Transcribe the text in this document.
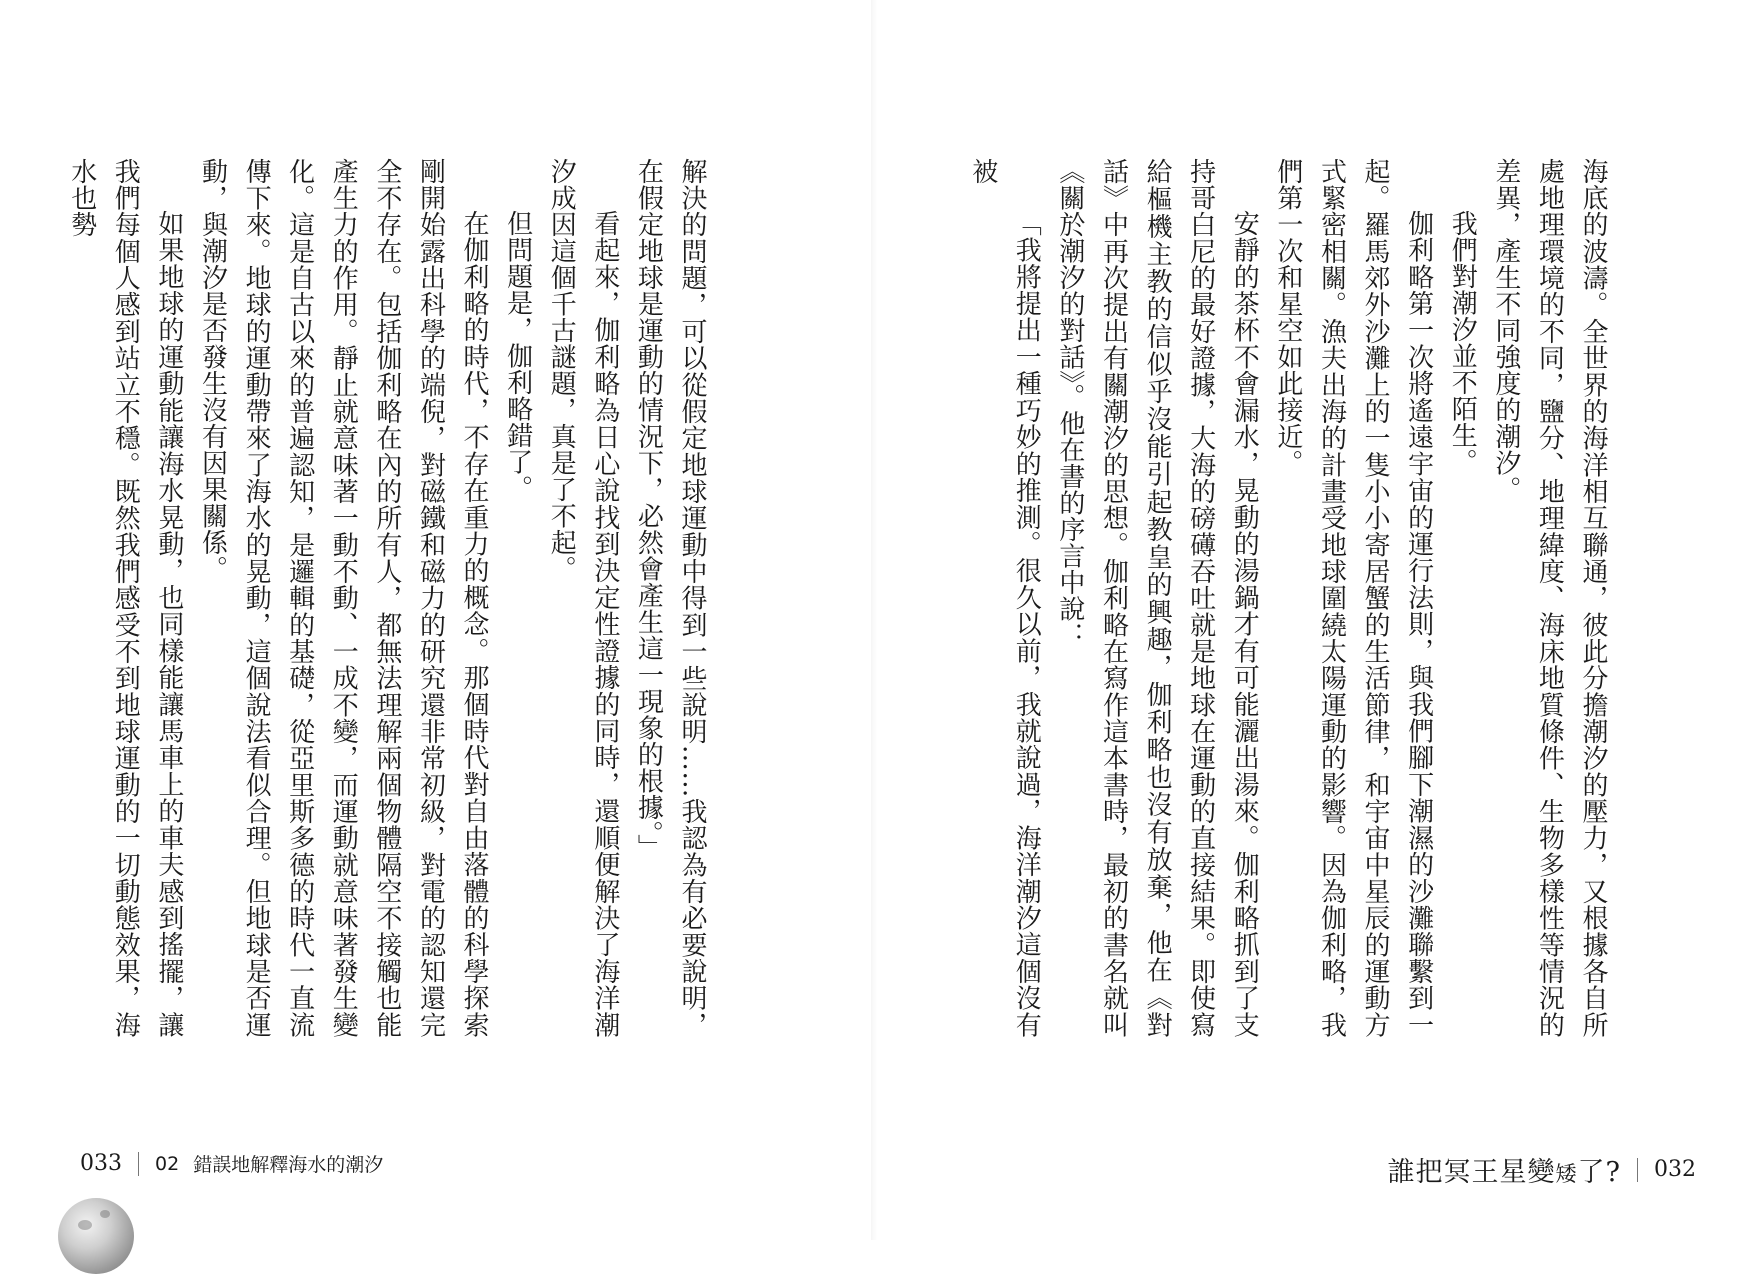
海底的波濤。全世界的海洋相互聯通，彼此分擔潮汐的壓力，又根據各自所處地理環境的不同，鹽分、地理緯度、海床地質條件、生物多樣性等情況的差異，產生不同強度的潮汐。

我們對潮汐並不陌生。

伽利略第一次將遙遠宇宙的運行法則，與我們腳下潮濕的沙灘聯繫到一起。羅馬郊外沙灘上的一隻小小寄居蟹的生活節律，和宇宙中星辰的運動方式緊密相關。漁夫出海的計畫受地球圍繞太陽運動的影響。因為伽利略，我們第一次和星空如此接近。

安靜的茶杯不會漏水，晃動的湯鍋才有可能灑出湯來。伽利略抓到了支持哥白尼的最好證據，大海的磅礡吞吐就是地球在運動的直接結果。即使寫給樞機主教的信似乎沒能引起教皇的興趣，伽利略也沒有放棄，他在《對話》中再次提出有關潮汐的思想。伽利略在寫作這本書時，最初的書名就叫《關於潮汐的對話》。他在書的序言中說：

「我將提出一種巧妙的推測。很久以前，我就說過，海洋潮汐這個沒有被

誰把冥王星變矮了? 032

解決的問題，可以從假定地球運動中得到一些說明……我認為有必要說明，在假定地球是運動的情況下，必然會產生這一現象的根據。」

看起來，伽利略為日心說找到決定性證據的同時，還順便解決了海洋潮汐成因這個千古謎題，真是了不起。

但問題是，伽利略錯了。

在伽利略的時代，不存在重力的概念。那個時代對自由落體的科學探索剛開始露出科學的端倪，對磁鐵和磁力的研究還非常初級，對電的認知還完全不存在。包括伽利略在內的所有人，都無法理解兩個物體隔空不接觸也能產生力的作用。靜止就意味著一動不動、一成不變，而運動就意味著發生變化。這是自古以來的普遍認知，是邏輯的基礎，從亞里斯多德的時代一直流傳下來。地球的運動帶來了海水的晃動，這個說法看似合理。但地球是否運動，與潮汐是否發生沒有因果關係。

如果地球的運動能讓海水晃動，也同樣能讓馬車上的車夫感到搖擺，讓我們每個人感到站立不穩。既然我們感受不到地球運動的一切動態效果，海水也勢

033 02 錯誤地解釋海水的潮汐
